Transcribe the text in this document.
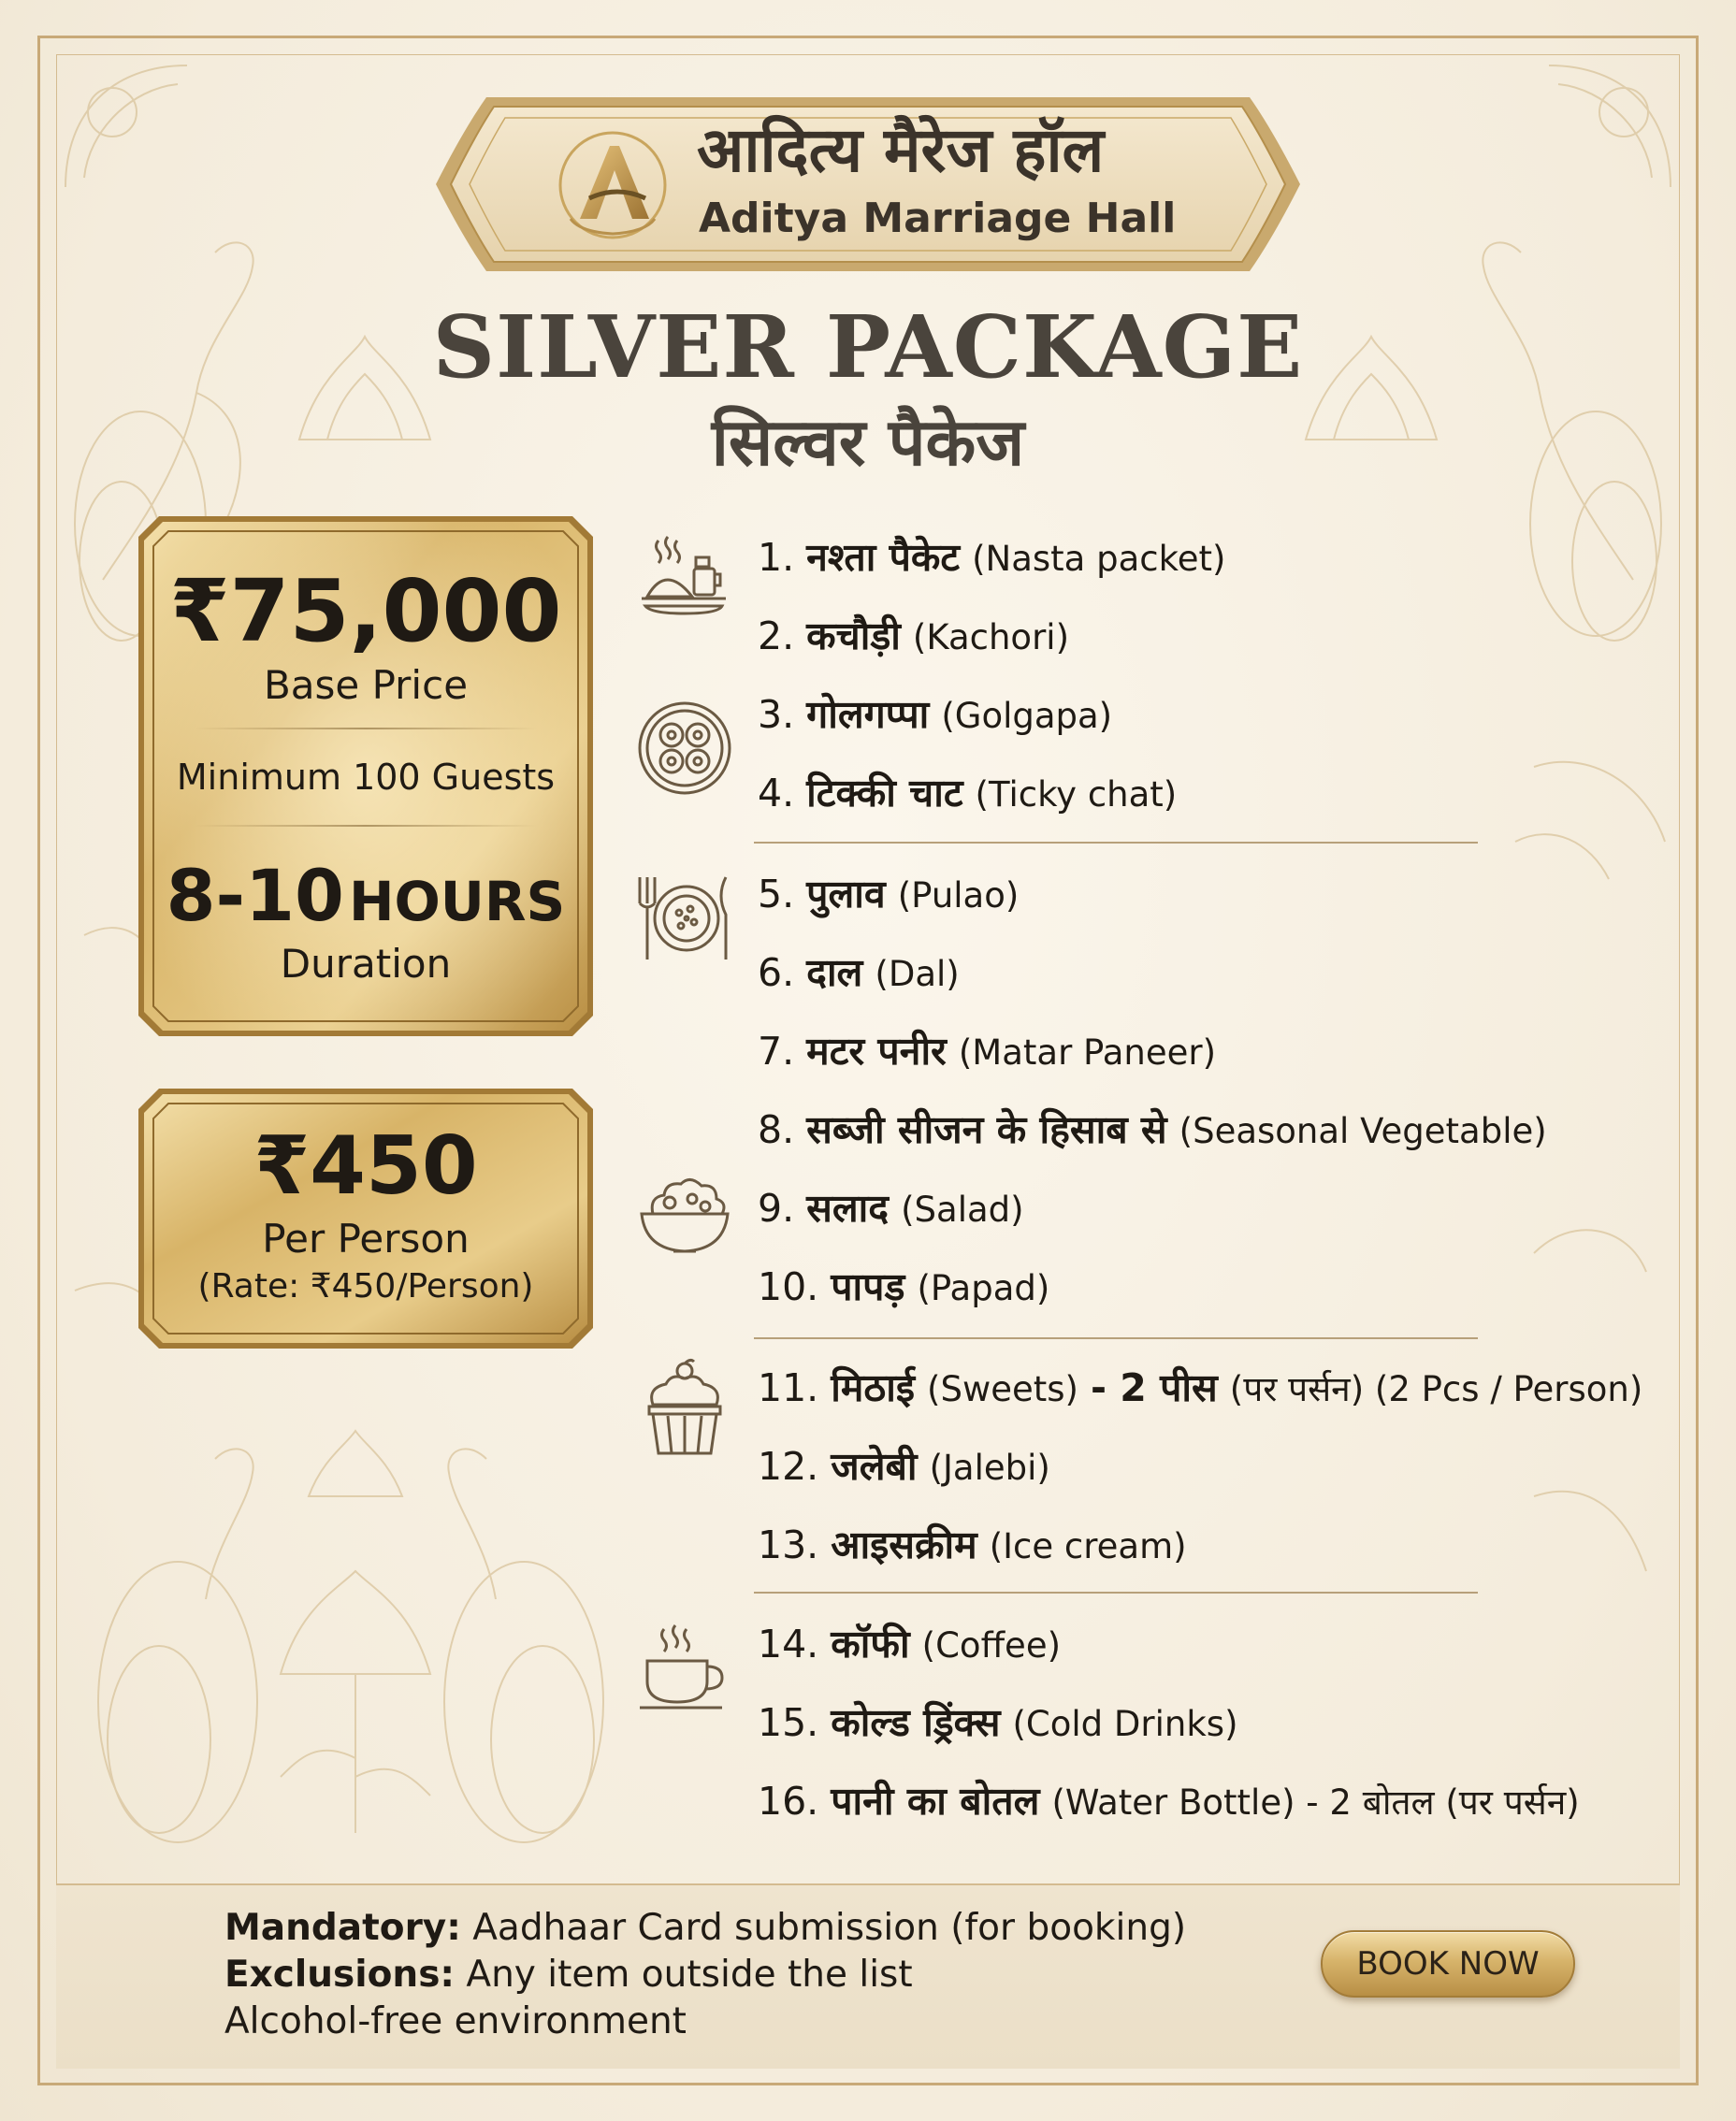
आदित्य मैरेज हॉल
Aditya Marriage Hall
SILVER PACKAGE
सिल्वर पैकेज
₹75,000
Base Price
Minimum 100 Guests
8-10 HOURS
Duration
₹450
Per Person
(Rate: ₹450/Person)
1. नश्ता पैकेट (Nasta packet)
2. कचौड़ी (Kachori)
3. गोलगप्पा (Golgapa)
4. टिक्की चाट (Ticky chat)
5. पुलाव (Pulao)
6. दाल (Dal)
7. मटर पनीर (Matar Paneer)
8. सब्जी सीजन के हिसाब से (Seasonal Vegetable)
9. सलाद (Salad)
10. पापड़ (Papad)
11. मिठाई (Sweets) - 2 पीस (पर पर्सन) (2 Pcs / Person)
12. जलेबी (Jalebi)
13. आइसक्रीम (Ice cream)
14. कॉफी (Coffee)
15. कोल्ड ड्रिंक्स (Cold Drinks)
16. पानी का बोतल (Water Bottle) - 2 बोतल (पर पर्सन)
Mandatory: Aadhaar Card submission (for booking)
Exclusions: Any item outside the list
Alcohol-free environment
BOOK NOW
